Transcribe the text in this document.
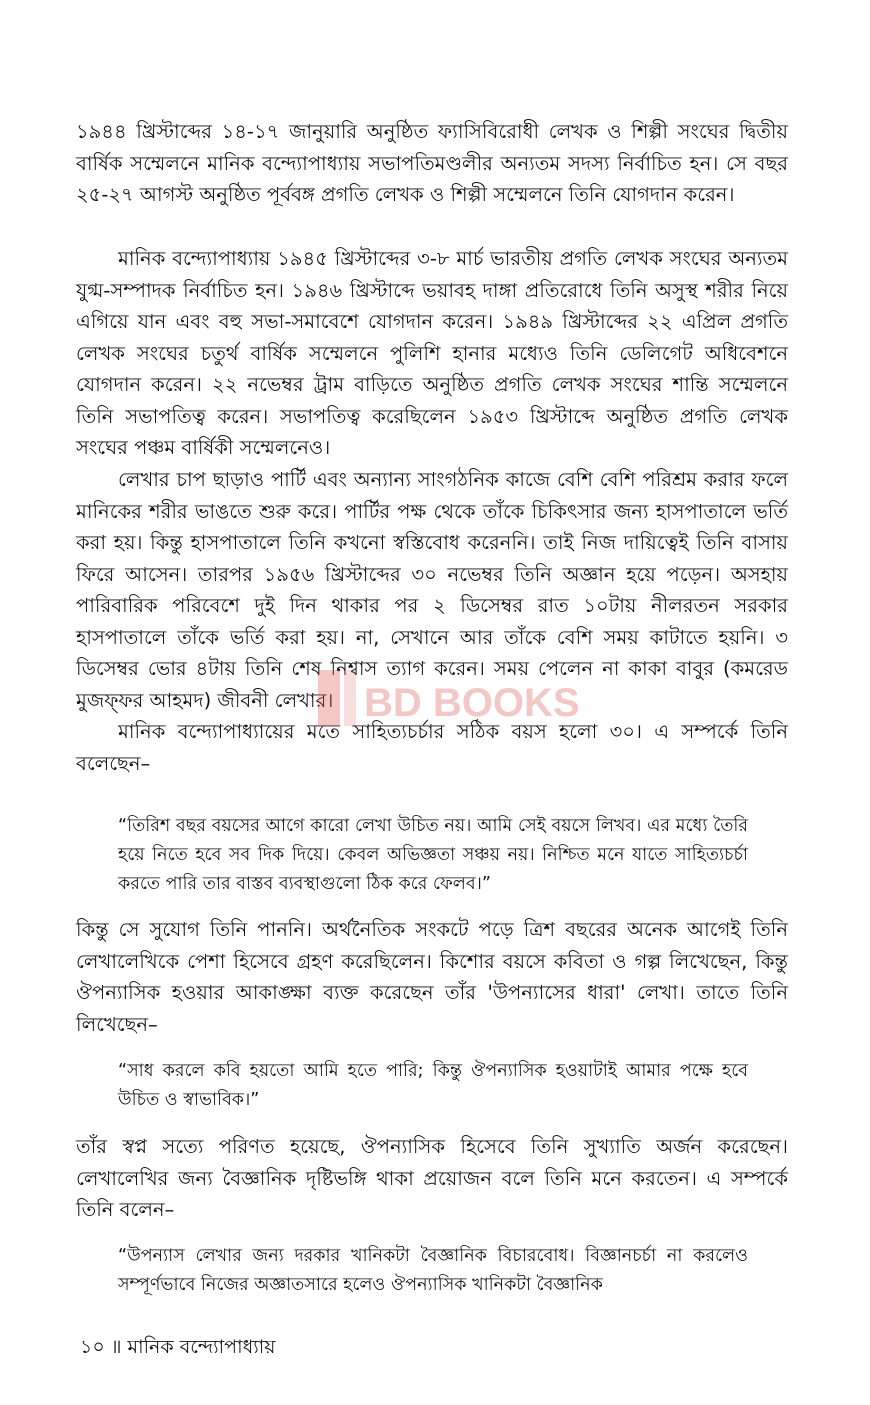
১৯৪৪ খ্রিস্টাব্দের ১৪-১৭ জানুয়ারি অনুষ্ঠিত ফ্যাসিবিরোধী লেখক ও শিল্পী সংঘের দ্বিতীয় বার্ষিক সম্মেলনে মানিক বন্দ্যোপাধ্যায় সভাপতিমণ্ডলীর অন্যতম সদস্য নির্বাচিত হন। সে বছর ২৫-২৭ আগস্ট অনুষ্ঠিত পূর্ববঙ্গ প্রগতি লেখক ও শিল্পী সম্মেলনে তিনি যোগদান করেন।

মানিক বন্দ্যোপাধ্যায় ১৯৪৫ খ্রিস্টাব্দের ৩-৮ মার্চ ভারতীয় প্রগতি লেখক সংঘের অন্যতম যুগ্ম-সম্পাদক নির্বাচিত হন। ১৯৪৬ খ্রিস্টাব্দে ভয়াবহ দাঙ্গা প্রতিরোধে তিনি অসুস্থ শরীর নিয়ে এগিয়ে যান এবং বহু সভা-সমাবেশে যোগদান করেন। ১৯৪৯ খ্রিস্টাব্দের ২২ এপ্রিল প্রগতি লেখক সংঘের চতুর্থ বার্ষিক সম্মেলনে পুলিশি হানার মধ্যেও তিনি ডেলিগেট অধিবেশনে যোগদান করেন। ২২ নভেম্বর ট্রাম বাড়িতে অনুষ্ঠিত প্রগতি লেখক সংঘের শান্তি সম্মেলনে তিনি সভাপতিত্ব করেন। সভাপতিত্ব করেছিলেন ১৯৫৩ খ্রিস্টাব্দে অনুষ্ঠিত প্রগতি লেখক সংঘের পঞ্চম বার্ষিকী সম্মেলনেও।

লেখার চাপ ছাড়াও পার্টি এবং অন্যান্য সাংগঠনিক কাজে বেশি বেশি পরিশ্রম করার ফলে মানিকের শরীর ভাঙতে শুরু করে। পার্টির পক্ষ থেকে তাঁকে চিকিৎসার জন্য হাসপাতালে ভর্তি করা হয়। কিন্তু হাসপাতালে তিনি কখনো স্বস্তিবোধ করেননি। তাই নিজ দায়িত্বেই তিনি বাসায় ফিরে আসেন। তারপর ১৯৫৬ খ্রিস্টাব্দের ৩০ নভেম্বর তিনি অজ্ঞান হয়ে পড়েন। অসহায় পারিবারিক পরিবেশে দুই দিন থাকার পর ২ ডিসেম্বর রাত ১০টায় নীলরতন সরকার হাসপাতালে তাঁকে ভর্তি করা হয়। না, সেখানে আর তাঁকে বেশি সময় কাটাতে হয়নি। ৩ ডিসেম্বর ভোর ৪টায় তিনি শেষ নিশ্বাস ত্যাগ করেন। সময় পেলেন না কাকা বাবুর (কমরেড মুজফ্‌ফর আহমদ) জীবনী লেখার।

মানিক বন্দ্যোপাধ্যায়ের মতে সাহিত্যচর্চার সঠিক বয়স হলো ৩০। এ সম্পর্কে তিনি বলেছেন–

“তিরিশ বছর বয়সের আগে কারো লেখা উচিত নয়। আমি সেই বয়সে লিখব। এর মধ্যে তৈরি হয়ে নিতে হবে সব দিক দিয়ে। কেবল অভিজ্ঞতা সঞ্চয় নয়। নিশ্চিত মনে যাতে সাহিত্যচর্চা করতে পারি তার বাস্তব ব্যবস্থাগুলো ঠিক করে ফেলব।”

কিন্তু সে সুযোগ তিনি পাননি। অর্থনৈতিক সংকটে পড়ে ত্রিশ বছরের অনেক আগেই তিনি লেখালেখিকে পেশা হিসেবে গ্রহণ করেছিলেন। কিশোর বয়সে কবিতা ও গল্প লিখেছেন, কিন্তু ঔপন্যাসিক হওয়ার আকাঙ্ক্ষা ব্যক্ত করেছেন তাঁর 'উপন্যাসের ধারা' লেখা। তাতে তিনি লিখেছেন–

“সাধ করলে কবি হয়তো আমি হতে পারি; কিন্তু ঔপন্যাসিক হওয়াটাই আমার পক্ষে হবে উচিত ও স্বাভাবিক।”

তাঁর স্বপ্ন সত্যে পরিণত হয়েছে, ঔপন্যাসিক হিসেবে তিনি সুখ্যাতি অর্জন করেছেন। লেখালেখির জন্য বৈজ্ঞানিক দৃষ্টিভঙ্গি থাকা প্রয়োজন বলে তিনি মনে করতেন। এ সম্পর্কে তিনি বলেন–

“উপন্যাস লেখার জন্য দরকার খানিকটা বৈজ্ঞানিক বিচারবোধ। বিজ্ঞানচর্চা না করলেও সম্পূর্ণভাবে নিজের অজ্ঞাতসারে হলেও ঔপন্যাসিক খানিকটা বৈজ্ঞানিক

১০ ॥ মানিক বন্দ্যোপাধ্যায়
BD BOOKS
